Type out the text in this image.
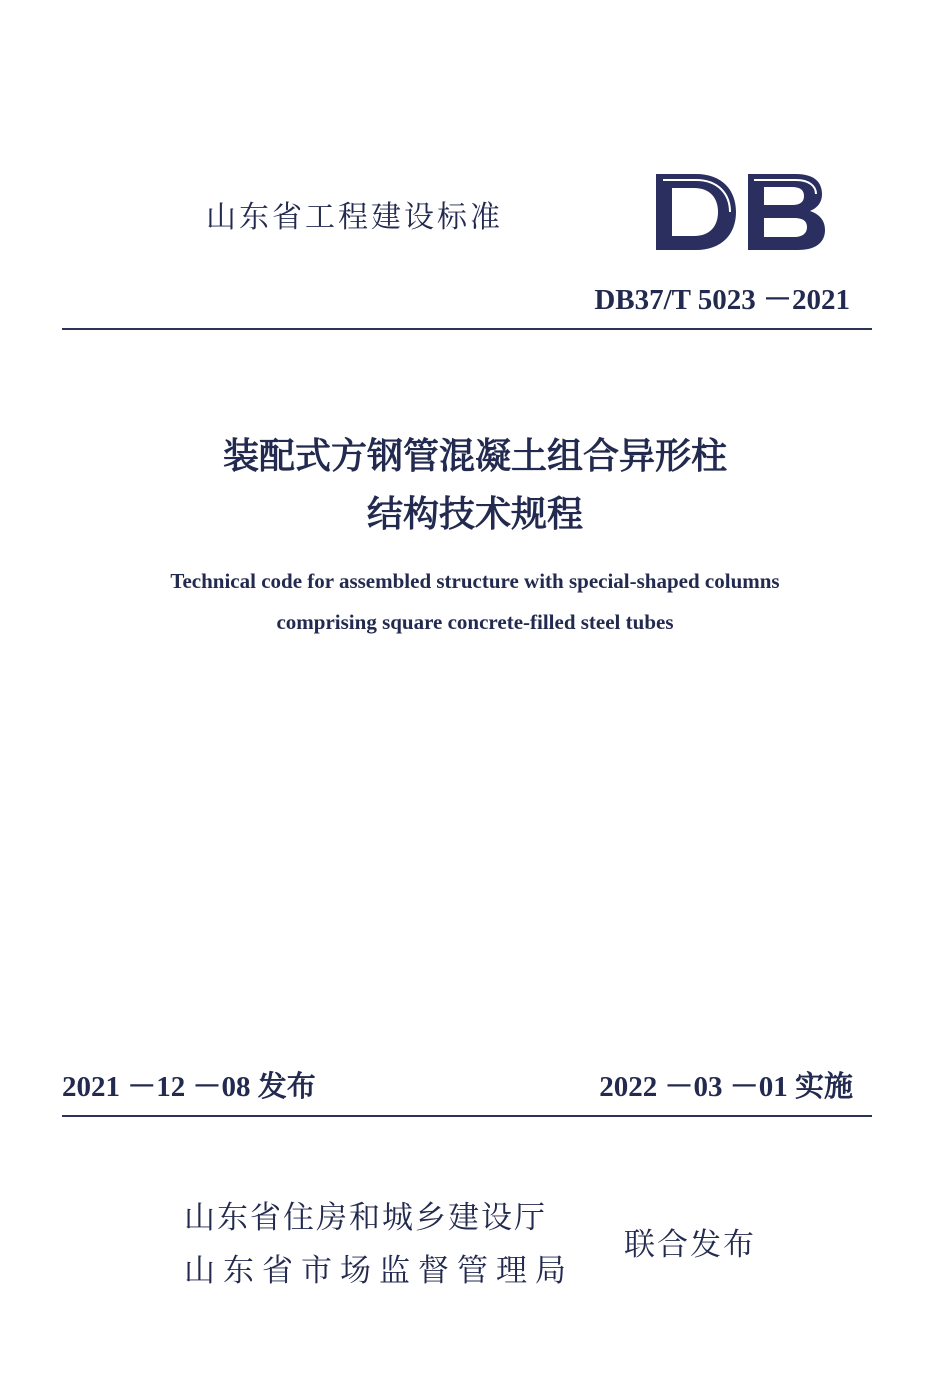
山东省工程建设标准
DB37/T 5023 －2021
装配式方钢管混凝土组合异形柱
结构技术规程
Technical code for assembled structure with special-shaped columns
comprising square concrete-filled steel tubes
2021 －12 －08 发布	2022 －03 －01 实施
山东省住房和城乡建设厅
山东省市场监督管理局
联合发布
